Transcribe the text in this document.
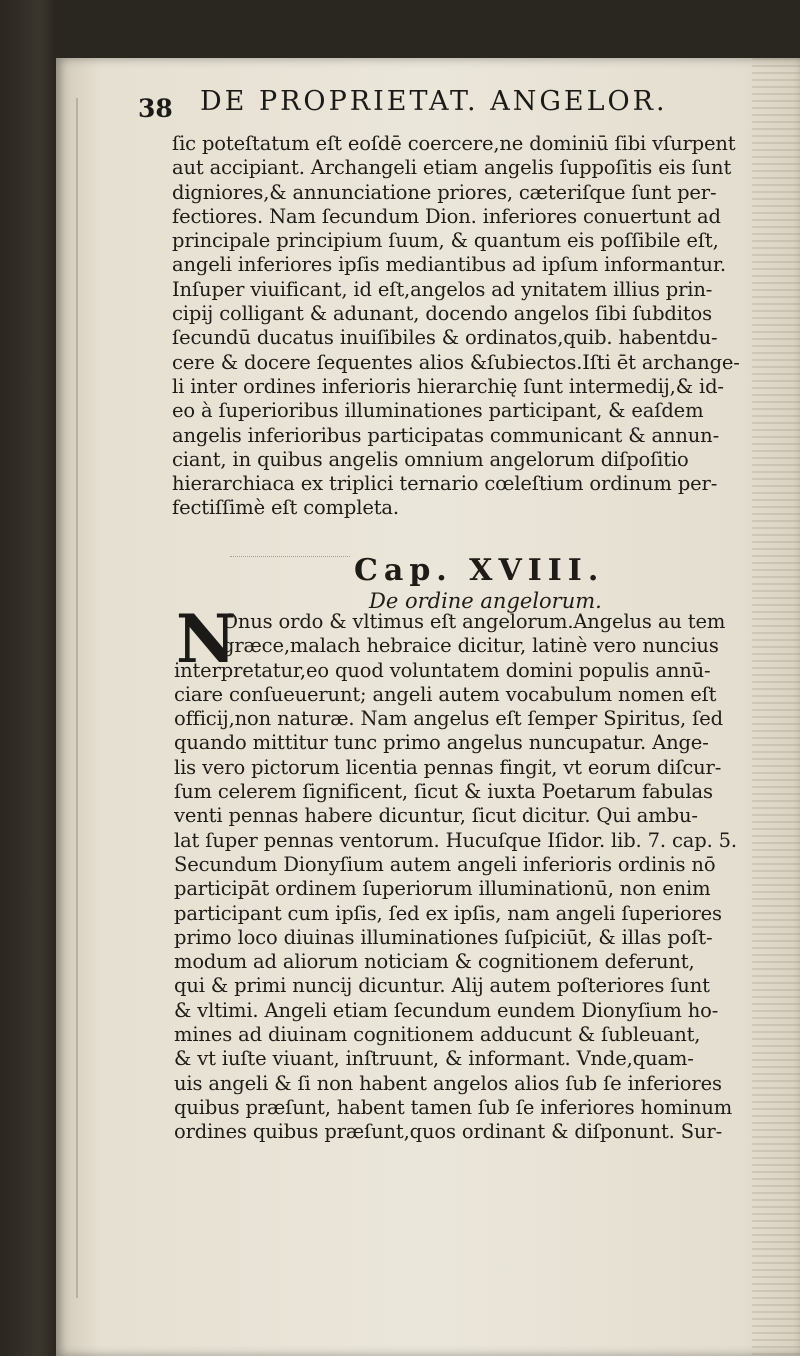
38 DE PROPRIETAT. ANGELOR.
ſic poteſtatum eſt eoſdē coercere,ne dominiū ſibi vſurpent
aut accipiant. Archangeli etiam angelis ſuppoſitis eis ſunt
digniores,& annunciatione priores, cæteriſque ſunt per-
fectiores. Nam ſecundum Dion. inferiores conuertunt ad
principale principium ſuum, & quantum eis poſſibile eſt,
angeli inferiores ipſis mediantibus ad ipſum informantur.
Inſuper viuificant, id eſt,angelos ad ynitatem illius prin-
cipij colligant & adunant, docendo angelos ſibi ſubditos
ſecundū ducatus inuiſibiles & ordinatos,quib. habentdu-
cere & docere ſequentes alios &ſubiectos.Iſti ēt archange-
li inter ordines inferioris hierarchię ſunt intermedij,& id-
eo à ſuperioribus illuminationes participant, & eaſdem
angelis inferioribus participatas communicant & annun-
ciant, in quibus angelis omnium angelorum diſpoſitio
hierarchiaca ex triplici ternario cœleſtium ordinum per-
fectiſſimè eſt completa.
Cap. XVIII.
De ordine angelorum.
N
Onus ordo & vltimus eſt angelorum.Angelus au tem
græce,malach hebraice dicitur, latinè vero nuncius
interpretatur,eo quod voluntatem domini populis annū-
ciare conſueuerunt; angeli autem vocabulum nomen eſt
officij,non naturæ. Nam angelus eſt ſemper Spiritus, ſed
quando mittitur tunc primo angelus nuncupatur. Ange-
lis vero pictorum licentia pennas fingit, vt eorum diſcur-
ſum celerem ſignificent, ſicut & iuxta Poetarum fabulas
venti pennas habere dicuntur, ſicut dicitur. Qui ambu-
lat ſuper pennas ventorum. Hucuſque Iſidor. lib. 7. cap. 5.
Secundum Dionyſium autem angeli inferioris ordinis nō
participāt ordinem ſuperiorum illuminationū, non enim
participant cum ipſis, ſed ex ipſis, nam angeli ſuperiores
primo loco diuinas illuminationes ſuſpiciūt, & illas poſt-
modum ad aliorum noticiam & cognitionem deferunt,
qui & primi nuncij dicuntur. Alij autem poſteriores ſunt
& vltimi. Angeli etiam ſecundum eundem Dionyſium ho-
mines ad diuinam cognitionem adducunt & ſubleuant,
& vt iuſte viuant, inſtruunt, & informant. Vnde,quam-
uis angeli & ſi non habent angelos alios ſub ſe inferiores
quibus præſunt, habent tamen ſub ſe inferiores hominum
ordines quibus præſunt,quos ordinant & diſponunt. Sur-
